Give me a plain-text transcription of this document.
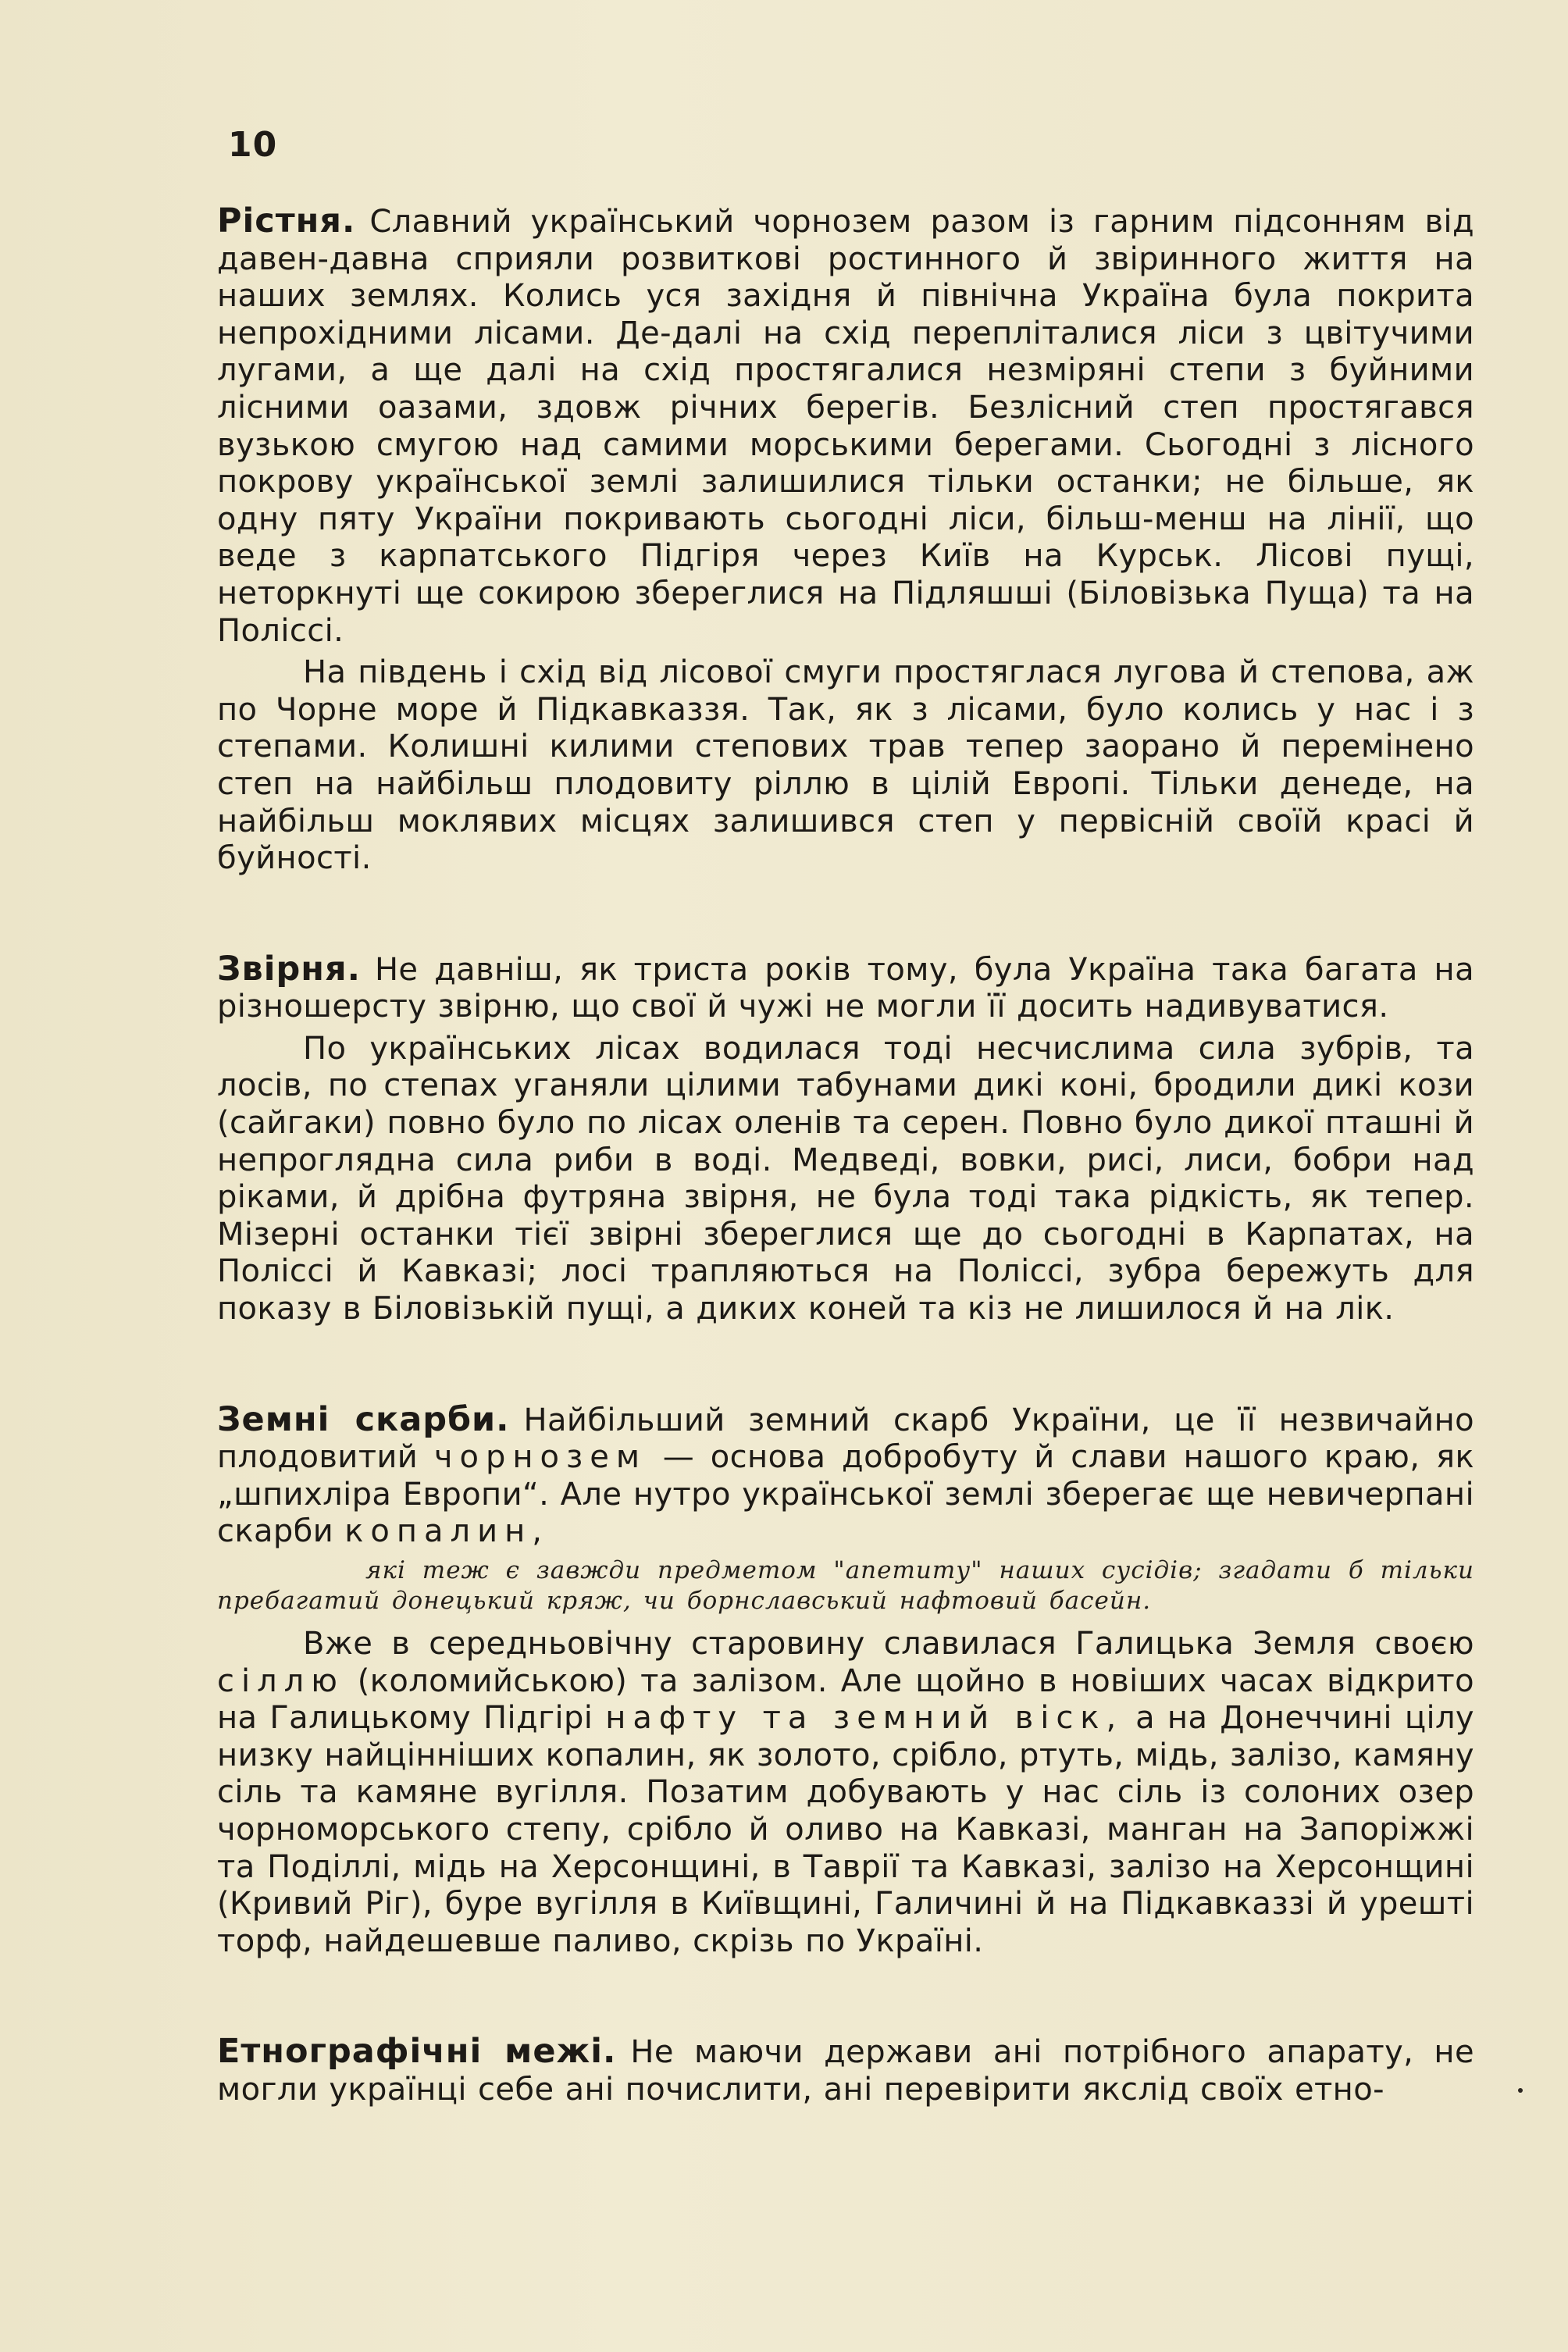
10

Рістня. Славний український чорнозем разом із гарним підсонням від давен-давна сприяли розвиткові ростинного й звіринного життя на наших землях. Колись уся західня й північна Україна була покрита непрохідними лісами. Де-далі на схід перепліталися ліси з цвітучими лугами, а ще далі на схід простягалися незміряні степи з буйними лісними оазами, здовж річних берегів. Безлісний степ простягався вузькою смугою над самими морськими берегами. Сьогодні з лісного покрову української землі залишилися тільки останки; не більше, як одну пяту України покривають сьогодні ліси, більш-менш на лінії, що веде з карпатського Підгіря через Київ на Курськ. Лісові пущі, неторкнуті ще сокирою збереглися на Підляшші (Біловізька Пуща) та на Поліссі.

На південь і схід від лісової смуги простяглася лугова й степова, аж по Чорне море й Підкавказзя. Так, як з лісами, було колись у нас і з степами. Колишні килими степових трав тепер заорано й перемінено степ на найбільш плодовиту ріллю в цілій Европі. Тільки денеде, на найбільш моклявих місцях залишився степ у первісній своїй красі й буйності.

Звірня. Не давніш, як триста років тому, була Україна така багата на різношерсту звірню, що свої й чужі не могли її досить надивуватися.

По українських лісах водилася тоді несчислима сила зубрів, та лосів, по степах уганяли цілими табунами дикі коні, бродили дикі кози (сайгаки) повно було по лісах оленів та серен. Повно було дикої пташні й непроглядна сила риби в воді. Медведі, вовки, рисі, лиси, бобри над ріками, й дрібна футряна звірня, не була тоді така рідкість, як тепер. Мізерні останки тієї звірні збереглися ще до сьогодні в Карпатах, на Поліссі й Кавказі; лосі трапляються на Поліссі, зубра бережуть для показу в Біловізькій пущі, а диких коней та кіз не лишилося й на лік.

Земні скарби. Найбільший земний скарб України, це її незвичайно плодовитий чорнозем — основа добробуту й слави нашого краю, як „шпихліра Европи“. Але нутро української землі зберегає ще невичерпані скарби копалин,

які теж є завжди предметом "апетиту" наших сусідів; згадати б тільки пребагатий донецький кряж, чи борнславський нафтовий басейн.

Вже в середньовічну старовину славилася Галицька Земля своєю сіллю (коломийською) та залізом. Але щойно в новіших часах відкрито на Галицькому Підгірі нафту та земний віск, а на Донеччині цілу низку найцінніших копалин, як золото, срібло, ртуть, мідь, залізо, камяну сіль та камяне вугілля. Позатим добувають у нас сіль із солоних озер чорноморського степу, срібло й оливо на Кавказі, манган на Запоріжжі та Поділлі, мідь на Херсонщині, в Таврії та Кавказі, залізо на Херсонщині (Кривий Ріг), буре вугілля в Київщині, Галичині й на Підкавказзі й урешті торф, найдешевше паливо, скрізь по Україні.

Етнографічні межі. Не маючи держави ані потрібного апарату, не могли українці себе ані почислити, ані перевірити якслід своїх етно-
